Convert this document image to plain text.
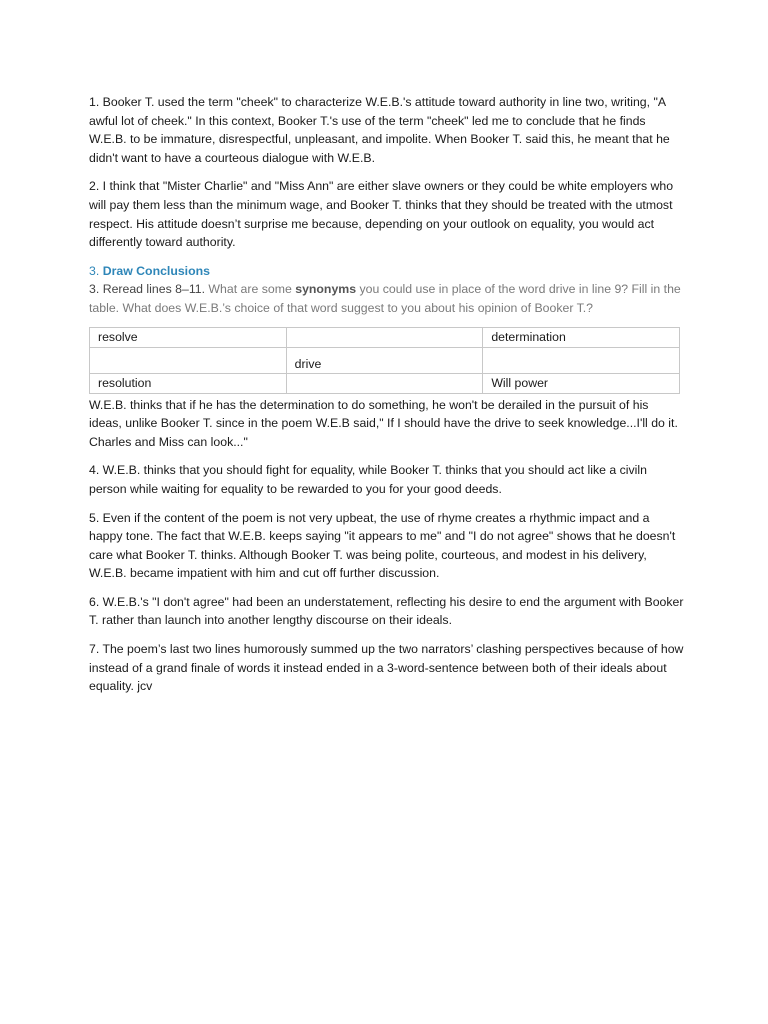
1. Booker T. used the term "cheek" to characterize W.E.B.'s attitude toward authority in line two, writing, "A awful lot of cheek." In this context, Booker T.'s use of the term "cheek" led me to conclude that he finds W.E.B. to be immature, disrespectful, unpleasant, and impolite. When Booker T. said this, he meant that he didn't want to have a courteous dialogue with W.E.B.

2. I think that "Mister Charlie" and "Miss Ann" are either slave owners or they could be white employers who will pay them less than the minimum wage, and Booker T. thinks that they should be treated with the utmost respect. His attitude doesn’t surprise me because, depending on your outlook on equality, you would act differently toward authority.

3. Draw Conclusions

3. Reread lines 8–11. What are some synonyms you could use in place of the word drive in line 9? Fill in the table. What does W.E.B.’s choice of that word suggest to you about his opinion of Booker T.?

resolve		determination
	drive	
resolution		Will power

W.E.B. thinks that if he has the determination to do something, he won't be derailed in the pursuit of his ideas, unlike Booker T. since in the poem W.E.B said," If I should have the drive to seek knowledge...I'll do it. Charles and Miss can look..."

4. W.E.B. thinks that you should fight for equality, while Booker T. thinks that you should act like a civiln person while waiting for equality to be rewarded to you for your good deeds.

5. Even if the content of the poem is not very upbeat, the use of rhyme creates a rhythmic impact and a happy tone. The fact that W.E.B. keeps saying "it appears to me" and "I do not agree" shows that he doesn't care what Booker T. thinks. Although Booker T. was being polite, courteous, and modest in his delivery, W.E.B. became impatient with him and cut off further discussion.

6. W.E.B.'s "I don't agree" had been an understatement, reflecting his desire to end the argument with Booker T. rather than launch into another lengthy discourse on their ideals.

7. The poem’s last two lines humorously summed up the two narrators’ clashing perspectives because of how instead of a grand finale of words it instead ended in a 3-word-sentence between both of their ideals about equality. jcv
